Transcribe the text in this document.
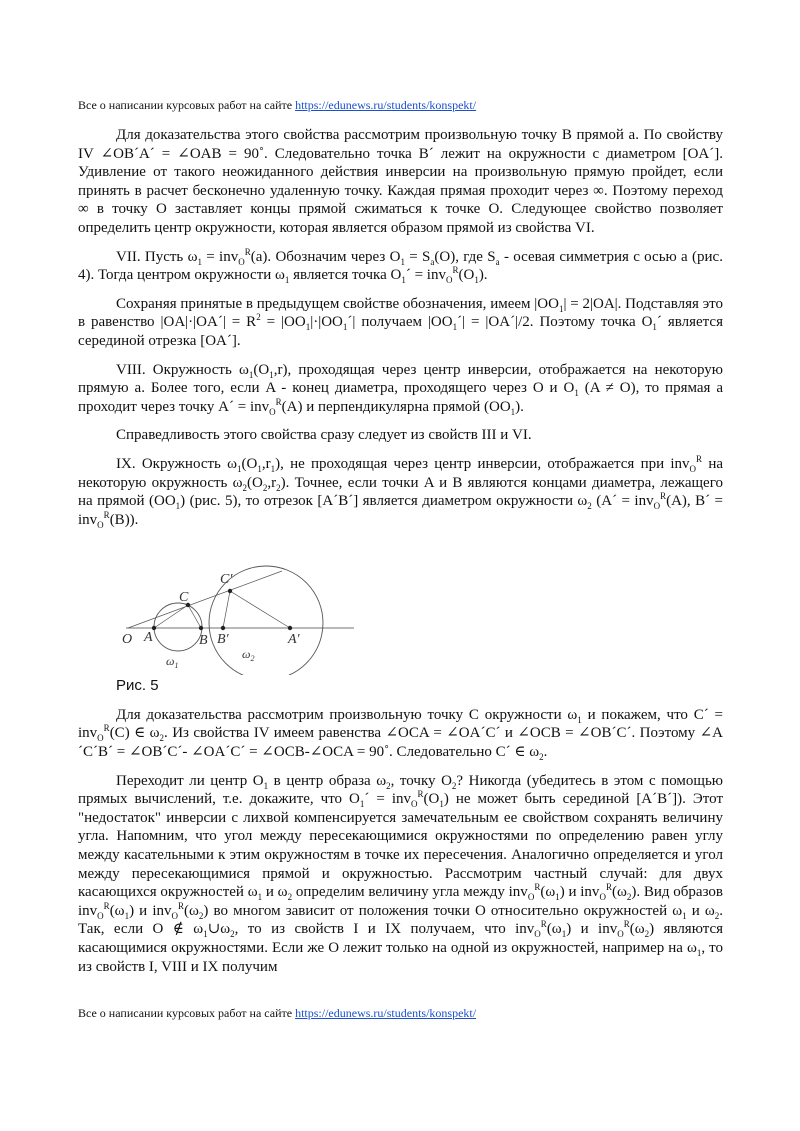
Все о написании курсовых работ на сайте https://edunews.ru/students/konspekt/

Для доказательства этого свойства рассмотрим произвольную точку B прямой a. По свойству IV ∠OB´A´ = ∠OAB = 90˚. Следовательно точка B´ лежит на окружности с диаметром [OA´]. Удивление от такого неожиданного действия инверсии на произвольную прямую пройдет, если принять в расчет бесконечно удаленную точку. Каждая прямая проходит через ∞. Поэтому переход ∞ в точку O заставляет концы прямой сжиматься к точке O. Следующее свойство позволяет определить центр окружности, которая является образом прямой из свойства VI.

VII. Пусть $\omega_1 = inv_O^R(a)$. Обозначим через $O_1 = S_a(O)$, где $S_a$ - осевая симметрия с осью a (рис. 4). Тогда центром окружности $\omega_1$ является точка $O_1´ = inv_O^R(O_1)$.

Сохраняя принятые в предыдущем свойстве обозначения, имеем $|OO_1| = 2|OA|$. Подставляя это в равенство |OA|·|OA´| = $R^2$ = $|OO_1|\cdot|OO_1´|$ получаем $|OO_1´|$ = |OA´|/2. Поэтому точка $O_1´$ является серединой отрезка [OA´].

VIII. Окружность $\omega_1(O_1,r)$, проходящая через центр инверсии, отображается на некоторую прямую a. Более того, если A - конец диаметра, проходящего через O и $O_1$ (A ≠ O), то прямая a проходит через точку A´ = inv$_O^R$(A) и перпендикулярна прямой $(OO_1)$.

Справедливость этого свойства сразу следует из свойств III и VI.

IX. Окружность $\omega_1(O_1,r_1)$, не проходящая через центр инверсии, отображается при inv$_O^R$ на некоторую окружность $\omega_2(O_2,r_2)$. Точнее, если точки A и B являются концами диаметра, лежащего на прямой $(OO_1)$ (рис. 5), то отрезок [A´B´] является диаметром окружности $\omega_2$ (A´ = inv$_O^R$(A), B´ = inv$_O^R$(B)).

O A	B
C
B′	A′
C′
$\omega_1$
$\omega_2$

Рис. 5

Для доказательства рассмотрим произвольную точку C окружности $\omega_1$ и покажем, что C´ = inv$_O^R$(C) ∈ $\omega_2$. Из свойства IV имеем равенства ∠OCA = ∠OA´C´ и ∠OCB = ∠OB´C´. Поэтому ∠A´C´B´ = ∠OB´C´- ∠OA´C´ = ∠OCB-∠OCA = 90˚. Следовательно C´ ∈ $\omega_2$.

Переходит ли центр $O_1$ в центр образа $\omega_2$, точку $O_2$? Никогда (убедитесь в этом с помощью прямых вычислений, т.е. докажите, что $O_1´ = inv_O^R(O_1)$ не может быть серединой [A´B´]). Этот "недостаток" инверсии с лихвой компенсируется замечательным ее свойством сохранять величину угла. Напомним, что угол между пересекающимися окружностями по определению равен углу между касательными к этим окружностям в точке их пересечения. Аналогично определяется и угол между пересекающимися прямой и окружностью. Рассмотрим частный случай: для двух касающихся окружностей $\omega_1$ и $\omega_2$ определим величину угла между $inv_O^R(\omega_1)$ и $inv_O^R(\omega_2)$. Вид образов $inv_O^R(\omega_1)$ и $inv_O^R(\omega_2)$ во многом зависит от положения точки O относительно окружностей $\omega_1$ и $\omega_2$. Так, если O ∉ $\omega_1\cup\omega_2$, то из свойств I и IX получаем, что $inv_O^R(\omega_1)$ и $inv_O^R(\omega_2)$ являются касающимися окружностями. Если же O лежит только на одной из окружностей, например на $\omega_1$, то из свойств I, VIII и IX получим

Все о написании курсовых работ на сайте https://edunews.ru/students/konspekt/
